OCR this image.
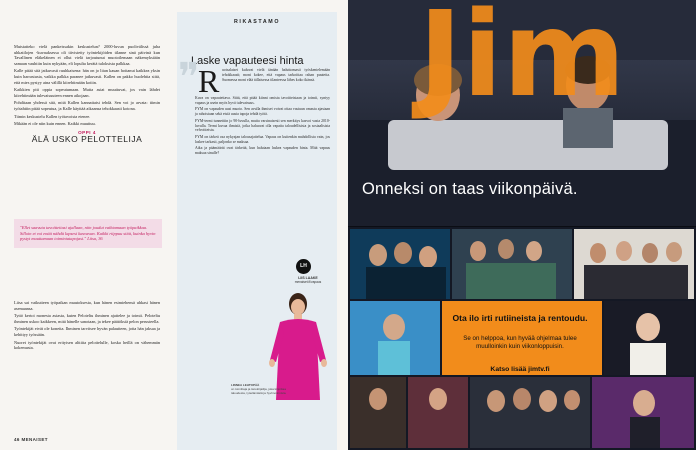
Muistatteko vielä pankeissakin keskustelun? 2000-luvun puolivälissä juha uhkatilojen -kuvauksessa oli tiivistetty työntekijöiden tilanne sinä päivinä kun Tavallinen eläkeläinen ei ollut vielä tarjoutunut muotoilemaan näkemyksiään samaan vauhtiin kuin nykyään, eli lopulta kerätä tuloksista palkkaa.

Kalle pitää sitä jatkuvasti ruuhkaisena: hän on jo liian kauan hoitanut kaikkea yksin kuin harrastusta, vaikka palkka paranee jatkuvasti. Kallen on pakko huolehtia siitä, että mies pystyy aina välillä kiirehtimään kotiin.

Kaikkien piti oppia sopeutumaan. Mutta asiat muuttuvat, jos vain lähdet kiirehtimään tulevaisuuteen ennen aikojaan.

Pohditaan yhdessä sitä, mitä Kallen kannattaisi tehdä. Sen voi jo arvata: tiimin työtahtiin pitää sopeutua, ja Kalle käyttää aikaansa tehokkaasti kotona.

Tiimin keskustelu Kallen työtavoista etenee.

Mikään ei ole niin kuin ennen. Kaikki muuttuu.

OPPI 4
ÄLÄ USKO PELOTTELIJA
"Ellet saavuta tavoitteitasi ajallaan, niin joudut vaihtamaan työpaikkaa. Silloin et voi enää nähdä lapsesi kasvavan. Kaikki riippuu siitä, kuinka hyvin pystyt muuttamaan toimintatapojasi." Liisa, 36

Liisa sai vaikutteen työpaikan muutoksesta, kun hänen esimiehensä uhkasi hänen asemaansa.

Tyttö kertoi monesta asiasta, kuten Peloteltu ihminen ajattelee ja toimii. Peloteltu ihminen uskoo kaikkeen, mitä hänelle sanotaan, ja tekee päätöksiä pelon perusteella.

Työntekijät eivät ole koneita. Ihminen tarvitsee hyvän palautteen, jotta hän jaksaa ja kehittyy työssään.

Nuoret työntekijät ovat erityisen alttiita pelottelulle, koska heillä on vähemmän kokemusta.

46 MENAISET
RIKASTAMO
Laske vapauteesi hinta
❞
R uotsalaiset kuluvat vielä tänään haluttomasti työskentelemään tehokkaasti; moni kokee, että vapaus tarkoittaa rahan puutetta. Suomessa moni elää tällaisessa tilanteessa lähes koko ikänsä.

Kuva on vapautettava. Siitä, että pitää kiinni omista tavoitteistaan ja toimii, syntyy vapaus ja usein myös hyvä tulevaisuus.

FYM on vapauden uusi muoto. Sen avulla ihmiset voivat ottaa vastuun omasta ajastaan ja rahoistaan sekä etsiä uusia tapoja tehdä työtä.

FYM-termi tunnettiin jo 90-luvulla, mutta varsinaisesti sen merkitys kasvoi vasta 2010-luvulla. Termi kuvaa ihmisiä, jotka haluavat olla vapaita taloudellisista ja sosiaalisista velvoitteista.

FYM on tärkeä osa nykyajan talousajattelua. Vapaus on kuitenkin mahdollista vain, jos laskee tarkasti, paljonko se maksaa.

Aika ja päämäärät ovat tärkeitä, kun halutaan laskea vapauden hinta. Mitä vapaus maksaa sinulle?

LH
LIIS LAAKE
menaiset.fi/vapaus
LINNEA LEHTOPÄÄ
on toimittaja ja tietokirjailija, joka kirjoittaa taloudesta, työelämästä ja hyvinvoinnista.
Jim
Onneksi on taas viikonpäivä.
Ota ilo irti rutiineista ja rentoudu.
Se on helppoa, kun hyvää ohjelmaa tulee muulloinkin kuin viikonloppuisin.
Katso lisää jimtv.fi
